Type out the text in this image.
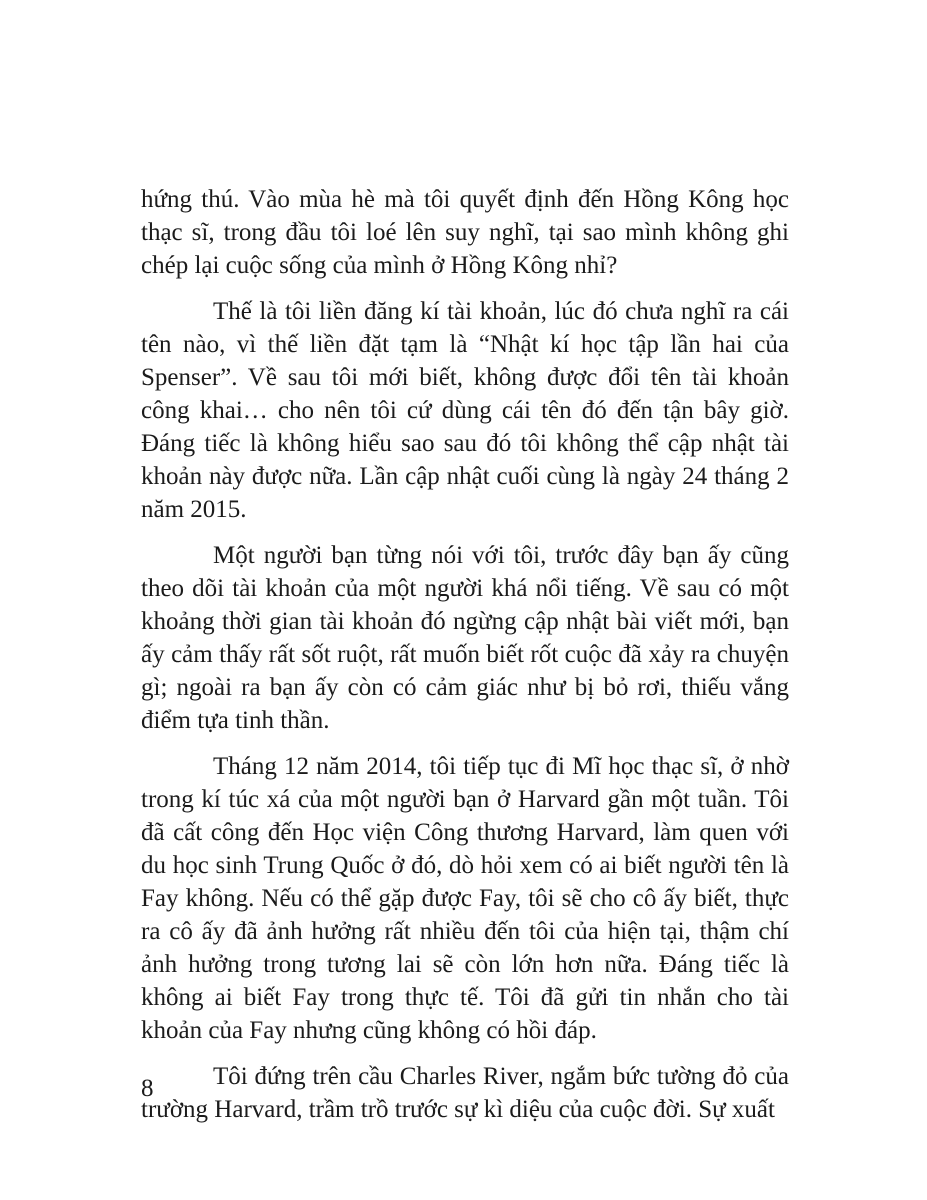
hứng thú. Vào mùa hè mà tôi quyết định đến Hồng Kông học thạc sĩ, trong đầu tôi loé lên suy nghĩ, tại sao mình không ghi chép lại cuộc sống của mình ở Hồng Kông nhỉ?

Thế là tôi liền đăng kí tài khoản, lúc đó chưa nghĩ ra cái tên nào, vì thế liền đặt tạm là “Nhật kí học tập lần hai của Spenser”. Về sau tôi mới biết, không được đổi tên tài khoản công khai… cho nên tôi cứ dùng cái tên đó đến tận bây giờ. Đáng tiếc là không hiểu sao sau đó tôi không thể cập nhật tài khoản này được nữa. Lần cập nhật cuối cùng là ngày 24 tháng 2 năm 2015.

Một người bạn từng nói với tôi, trước đây bạn ấy cũng theo dõi tài khoản của một người khá nổi tiếng. Về sau có một khoảng thời gian tài khoản đó ngừng cập nhật bài viết mới, bạn ấy cảm thấy rất sốt ruột, rất muốn biết rốt cuộc đã xảy ra chuyện gì; ngoài ra bạn ấy còn có cảm giác như bị bỏ rơi, thiếu vắng điểm tựa tinh thần.

Tháng 12 năm 2014, tôi tiếp tục đi Mĩ học thạc sĩ, ở nhờ trong kí túc xá của một người bạn ở Harvard gần một tuần. Tôi đã cất công đến Học viện Công thương Harvard, làm quen với du học sinh Trung Quốc ở đó, dò hỏi xem có ai biết người tên là Fay không. Nếu có thể gặp được Fay, tôi sẽ cho cô ấy biết, thực ra cô ấy đã ảnh hưởng rất nhiều đến tôi của hiện tại, thậm chí ảnh hưởng trong tương lai sẽ còn lớn hơn nữa. Đáng tiếc là không ai biết Fay trong thực tế. Tôi đã gửi tin nhắn cho tài khoản của Fay nhưng cũng không có hồi đáp.

Tôi đứng trên cầu Charles River, ngắm bức tường đỏ của trường Harvard, trầm trồ trước sự kì diệu của cuộc đời. Sự xuất

8
